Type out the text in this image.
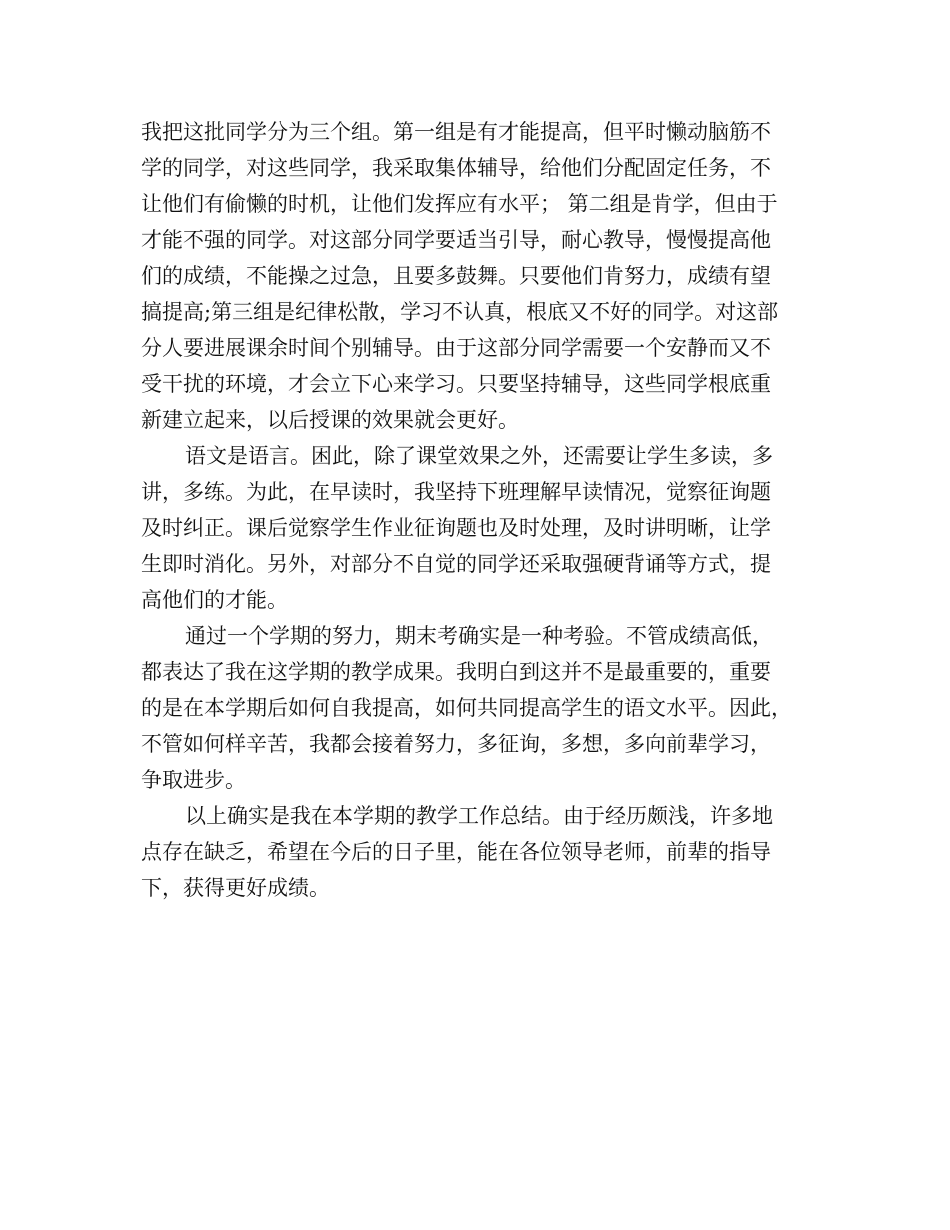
我把这批同学分为三个组。第一组是有才能提高，但平时懒动脑筋不
学的同学，对这些同学，我采取集体辅导，给他们分配固定任务，不
让他们有偷懒的时机，让他们发挥应有水平； 第二组是肯学，但由于
才能不强的同学。对这部分同学要适当引导，耐心教导，慢慢提高他
们的成绩，不能操之过急，且要多鼓舞。只要他们肯努力，成绩有望
搞提高;第三组是纪律松散，学习不认真，根底又不好的同学。对这部
分人要进展课余时间个别辅导。由于这部分同学需要一个安静而又不
受干扰的环境，才会立下心来学习。只要坚持辅导，这些同学根底重
新建立起来，以后授课的效果就会更好。
语文是语言。困此，除了课堂效果之外，还需要让学生多读，多
讲，多练。为此，在早读时，我坚持下班理解早读情况，觉察征询题
及时纠正。课后觉察学生作业征询题也及时处理，及时讲明晰，让学
生即时消化。另外，对部分不自觉的同学还采取强硬背诵等方式，提
高他们的才能。
通过一个学期的努力，期末考确实是一种考验。不管成绩高低，
都表达了我在这学期的教学成果。我明白到这并不是最重要的，重要
的是在本学期后如何自我提高，如何共同提高学生的语文水平。因此，
不管如何样辛苦，我都会接着努力，多征询，多想，多向前辈学习，
争取进步。
以上确实是我在本学期的教学工作总结。由于经历颇浅，许多地
点存在缺乏，希望在今后的日子里，能在各位领导老师，前辈的指导
下，获得更好成绩。
